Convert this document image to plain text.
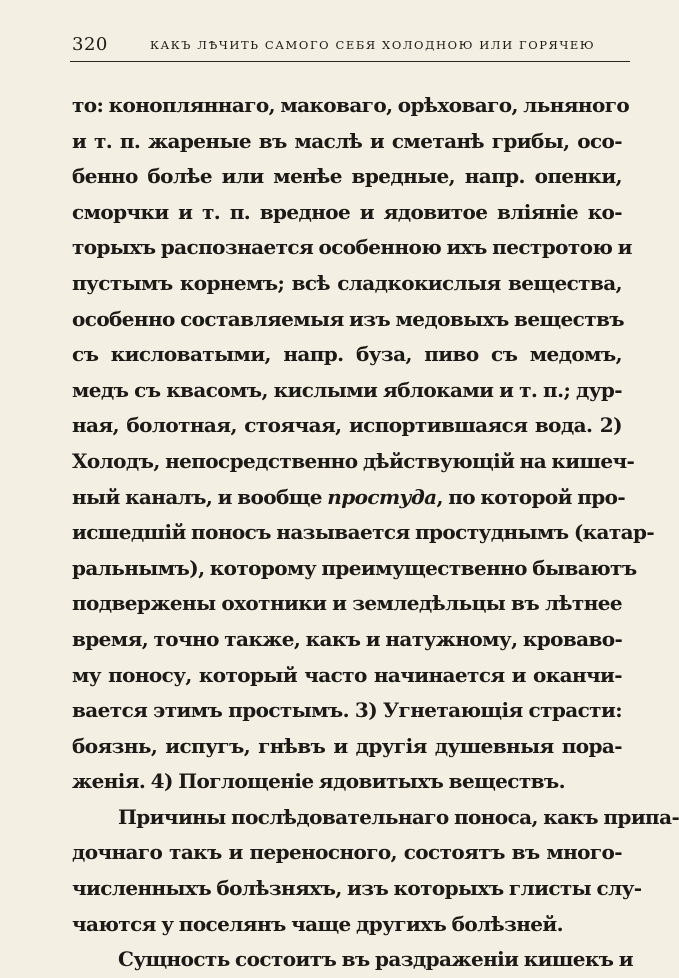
320	КАКЪ ЛѢЧИТЬ САМОГО СЕБЯ ХОЛОДНОЮ ИЛИ ГОРЯЧЕЮ
то: конопляннаго, маковаго, орѣховаго, льняного
и т. п. жареные въ маслѣ и сметанѣ грибы, осо-
бенно болѣе или менѣе вредные, напр. опенки,
сморчки и т. п. вредное и ядовитое вліяніе ко-
торыхъ распознается особенною ихъ пестротою и
пустымъ корнемъ; всѣ сладкокислыя вещества,
особенно составляемыя изъ медовыхъ веществъ
съ кисловатыми, напр. буза, пиво съ медомъ,
медъ съ квасомъ, кислыми яблоками и т. п.; дур-
ная, болотная, стоячая, испортившаяся вода. 2)
Холодъ, непосредственно дѣйствующій на кишеч-
ный каналъ, и вообще простуда, по которой про-
исшедшій поносъ называется простуднымъ (катар-
ральнымъ), которому преимущественно бываютъ
подвержены охотники и земледѣльцы въ лѣтнее
время, точно также, какъ и натужному, кроваво-
му поносу, который часто начинается и оканчи-
вается этимъ простымъ. 3) Угнетающія страсти:
боязнь, испугъ, гнѣвъ и другія душевныя пора-
женія. 4) Поглощеніе ядовитыхъ веществъ.
Причины послѣдовательнаго поноса, какъ припа-
дочнаго такъ и переносного, состоятъ въ много-
численныхъ болѣзняхъ, изъ которыхъ глисты слу-
чаются у поселянъ чаще другихъ болѣзней.
Сущность состоитъ въ раздраженіи кишекъ и
